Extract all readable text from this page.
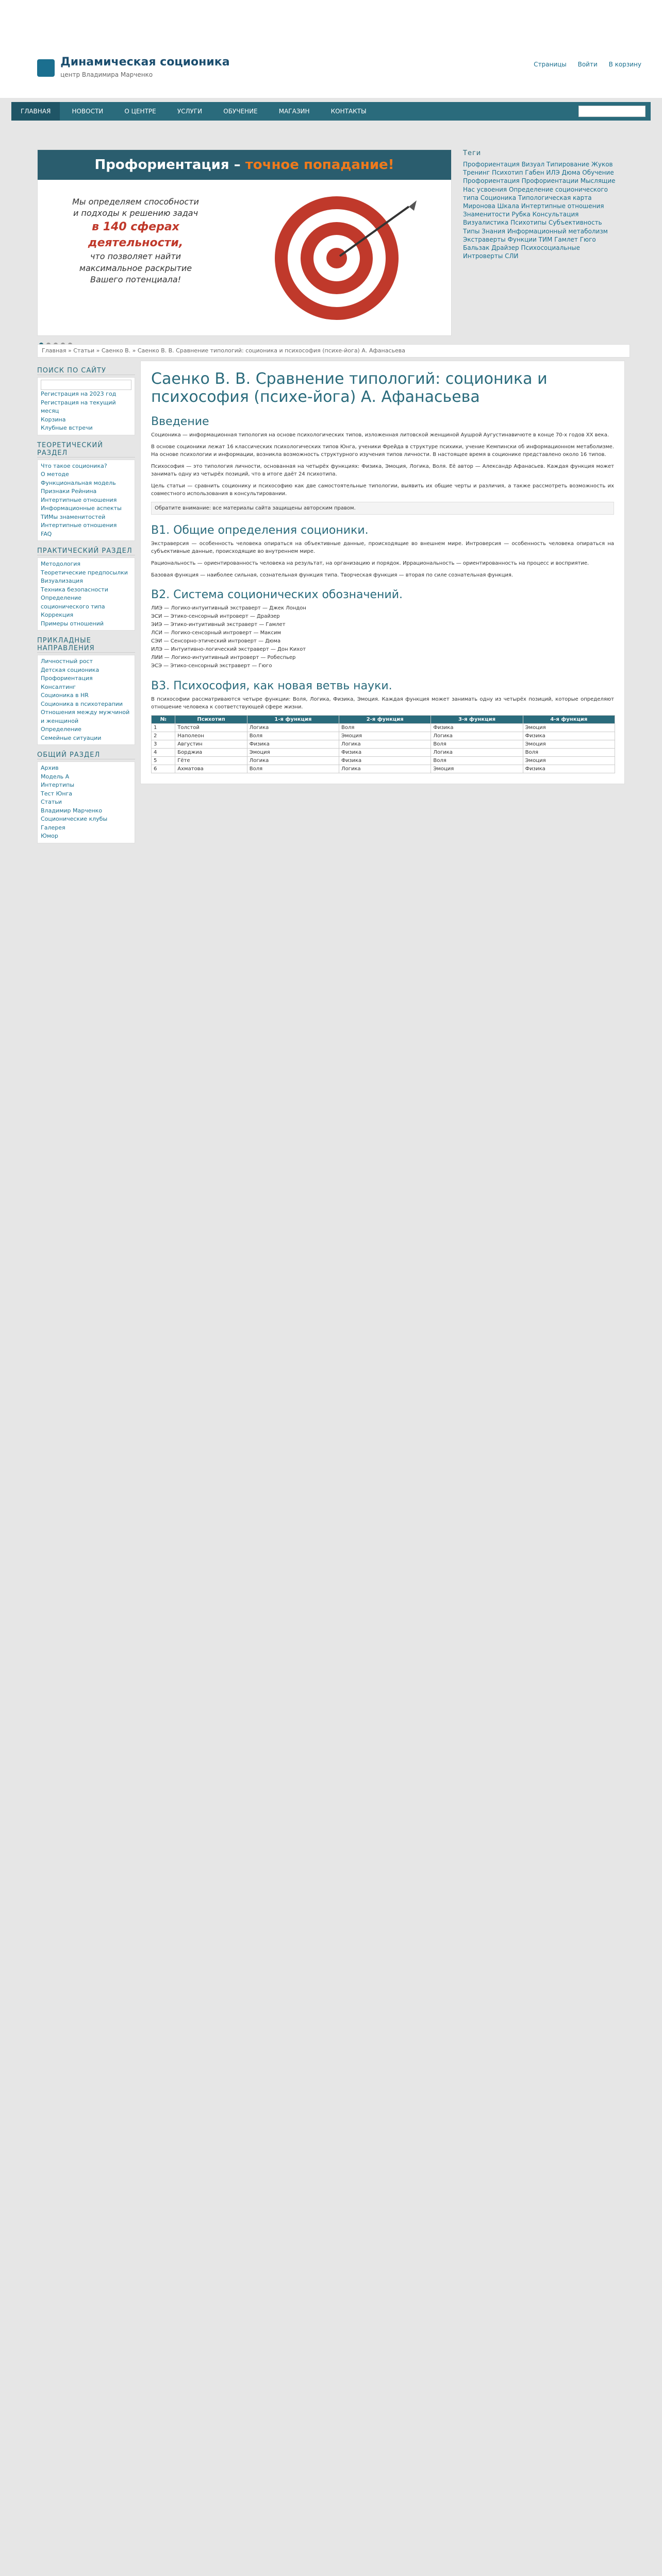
Динамическая соционика
центр Владимира Марченко
Страницы Войти В корзину
ГЛАВНАЯ	НОВОСТИ	О ЦЕНТРЕ	УСЛУГИ	ОБУЧЕНИЕ	МАГАЗИН	КОНТАКТЫ
Профориентация – точное попадание!
Мы определяем способности
и подходы к решению задач
в 140 сферах деятельности,
что позволяет найти
максимальное раскрытие
Вашего потенциала!
Теги

Профориентация Визуал Типирование Жуков Тренинг Психотип Габен ИЛЭ Дюма Обучение Профориентация Профориентации Мыслящие Нас усвоения Определение соционического типа Соционика Типологическая карта Миронова Шкала Интертипные отношения Знаменитости Рубка Консультация Визуалистика Психотипы Субъективность Типы Знания Информационный метаболизм Экстраверты Функции ТИМ Гамлет Гюго Бальзак Драйзер Психосоциальные Интроверты СЛИ

Главная » Статьи » Саенко В. » Саенко В. В. Сравнение типологий: соционика и психософия (психе-йога) А. Афанасьева
ПОИСК ПО САЙТУ
Регистрация на 2023 год
Регистрация на текущий месяц
Корзина
Клубные встречи
ТЕОРЕТИЧЕСКИЙ РАЗДЕЛ
Что такое соционика?
О методе
Функциональная модель
Признаки Рейнина
Интертипные отношения
Информационные аспекты
ТИМы знаменитостей
Интертипные отношения
FAQ
ПРАКТИЧЕСКИЙ РАЗДЕЛ
Методология
Теоретические предпосылки
Визуализация
Техника безопасности
Определение соционического типа
Коррекция
Примеры отношений
ПРИКЛАДНЫЕ НАПРАВЛЕНИЯ
Личностный рост
Детская соционика
Профориентация
Консалтинг
Соционика в HR
Соционика в психотерапии
Отношения между мужчиной и женщиной
Определение
Семейные ситуации
ОБЩИЙ РАЗДЕЛ
Архив
Модель А
Интертипы
Тест Юнга
Статьи
Владимир Марченко
Соционические клубы
Галерея
Юмор
Саенко В. В. Сравнение типологий: соционика и психософия (психе-йога) А. Афанасьева
Введение

Соционика — информационная типология на основе психологических типов, изложенная литовской женщиной Аушрой Аугустинавичюте в конце 70-х годов XX века.

В основе соционики лежат 16 классических психологических типов Юнга, ученики Фрейда в структуре психики, учение Кемпински об информационном метаболизме. На основе психологии и информации, возникла возможность структурного изучения типов личности. В настоящее время в соционике представлено около 16 типов.

Психософия — это типология личности, основанная на четырёх функциях: Физика, Эмоция, Логика, Воля. Её автор — Александр Афанасьев. Каждая функция может занимать одну из четырёх позиций, что в итоге даёт 24 психотипа.

Цель статьи — сравнить соционику и психософию как две самостоятельные типологии, выявить их общие черты и различия, а также рассмотреть возможность их совместного использования в консультировании.

Обратите внимание: все материалы сайта защищены авторским правом.
В1. Общие определения соционики.

Экстраверсия — особенность человека опираться на объективные данные, происходящие во внешнем мире. Интроверсия — особенность человека опираться на субъективные данные, происходящие во внутреннем мире.

Рациональность — ориентированность человека на результат, на организацию и порядок. Иррациональность — ориентированность на процесс и восприятие.

Базовая функция — наиболее сильная, сознательная функция типа. Творческая функция — вторая по силе сознательная функция.

В2. Система соционических обозначений.
ЛИЭ — Логико-интуитивный экстраверт — Джек Лондон
ЭСИ — Этико-сенсорный интроверт — Драйзер
ЭИЭ — Этико-интуитивный экстраверт — Гамлет
ЛСИ — Логико-сенсорный интроверт — Максим
СЭИ — Сенсорно-этический интроверт — Дюма
ИЛЭ — Интуитивно-логический экстраверт — Дон Кихот
ЛИИ — Логико-интуитивный интроверт — Робеспьер
ЭСЭ — Этико-сенсорный экстраверт — Гюго
В3. Психософия, как новая ветвь науки.

В психософии рассматриваются четыре функции: Воля, Логика, Физика, Эмоция. Каждая функция может занимать одну из четырёх позиций, которые определяют отношение человека к соответствующей сфере жизни.

№	Психотип	1-я функция	2-я функция	3-я функция	4-я функция
1	Толстой	Логика	Воля	Физика	Эмоция
2	Наполеон	Воля	Эмоция	Логика	Физика
3	Августин	Физика	Логика	Воля	Эмоция
4	Борджиа	Эмоция	Физика	Логика	Воля
5	Гёте	Логика	Физика	Воля	Эмоция
6	Ахматова	Воля	Логика	Эмоция	Физика
